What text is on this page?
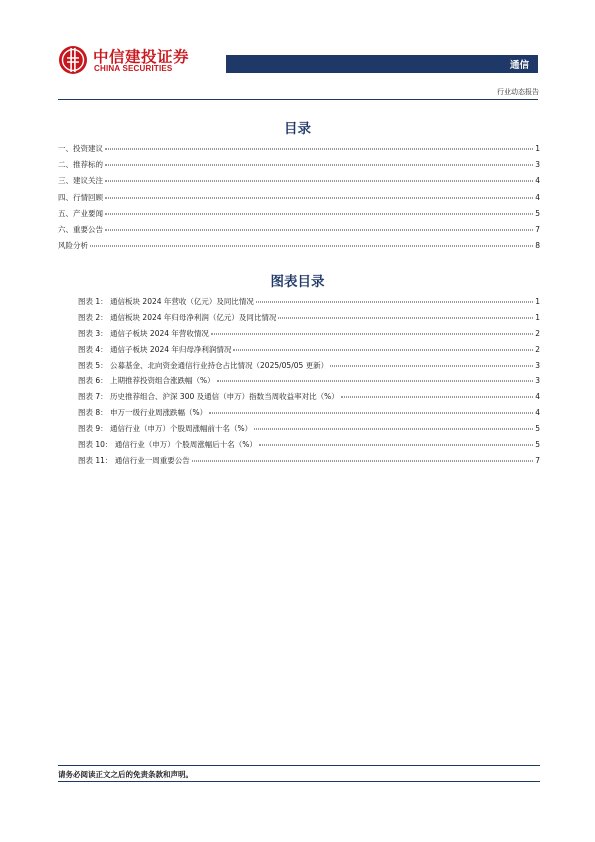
中信建投证券
CHINA SECURITIES	通信
行业动态报告
目录
一、投资建议	1
二、推荐标的	3
三、建议关注	4
四、行情回顾	4
五、产业要闻	5
六、重要公告	7
风险分析	8
图表目录
图表 1： 通信板块 2024 年营收（亿元）及同比情况	1
图表 2： 通信板块 2024 年归母净利润（亿元）及同比情况	1
图表 3： 通信子板块 2024 年营收情况	2
图表 4： 通信子板块 2024 年归母净利润情况	2
图表 5： 公募基金、北向资金通信行业持仓占比情况（2025/05/05 更新）	3
图表 6： 上期推荐投资组合涨跌幅（%）	3
图表 7： 历史推荐组合、沪深 300 及通信（申万）指数当周收益率对比（%）	4
图表 8： 申万一级行业周涨跌幅（%）	4
图表 9： 通信行业（申万）个股周涨幅前十名（%）	5
图表 10： 通信行业（申万）个股周涨幅后十名（%）	5
图表 11： 通信行业一周重要公告	7
请务必阅读正文之后的免责条款和声明。
